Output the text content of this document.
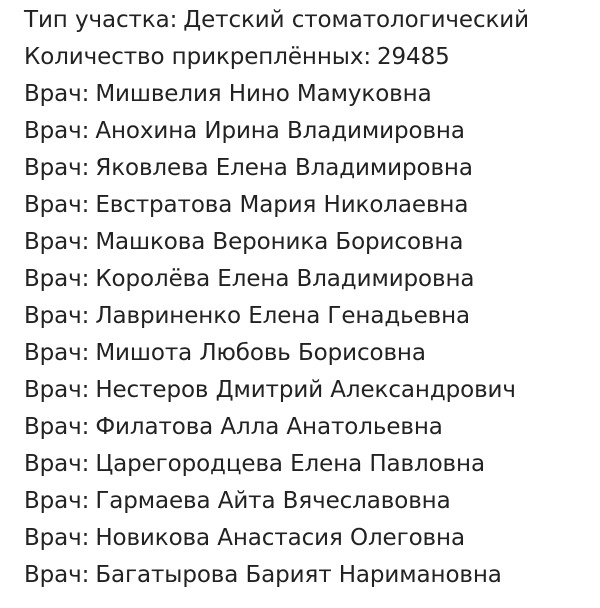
Тип участка: Детский стоматологический
Количество прикреплённых: 29485
Врач: Мишвелия Нино Мамуковна
Врач: Анохина Ирина Владимировна
Врач: Яковлева Елена Владимировна
Врач: Евстратова Мария Николаевна
Врач: Машкова Вероника Борисовна
Врач: Королёва Елена Владимировна
Врач: Лавриненко Елена Генадьевна
Врач: Мишота Любовь Борисовна
Врач: Нестеров Дмитрий Александрович
Врач: Филатова Алла Анатольевна
Врач: Царегородцева Елена Павловна
Врач: Гармаева Айта Вячеславовна
Врач: Новикова Анастасия Олеговна
Врач: Багатырова Барият Наримановна
